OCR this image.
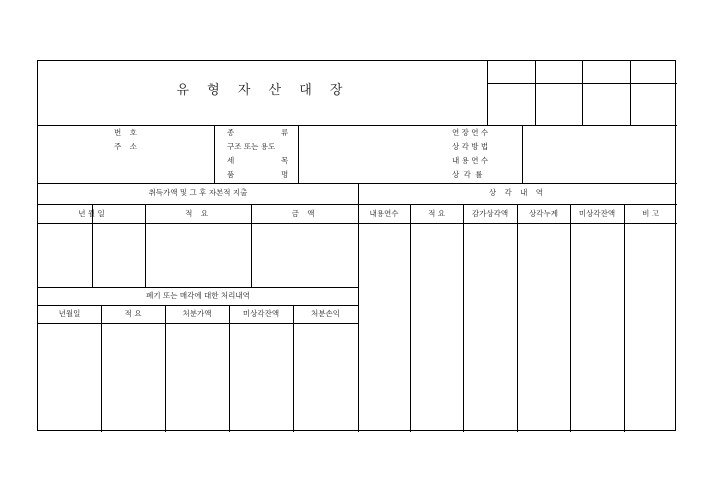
유 형 자 산 대 장
번 호
주 소
종	류
구조 또는 용도
세	목
품	명
연 장 연 수
상 각 방 법
내 용 연 수
상 각 률
취득가액 및 그 후 자본적 지출	상 각 내 역
년 월 일	적 요	금 액	내용연수	적 요	감가상각액	상각누계	미상각잔액	비 고
폐기 또는 매각에 대한 처리내역
년월일	적 요	처분가액	미상각잔액	처분손익
